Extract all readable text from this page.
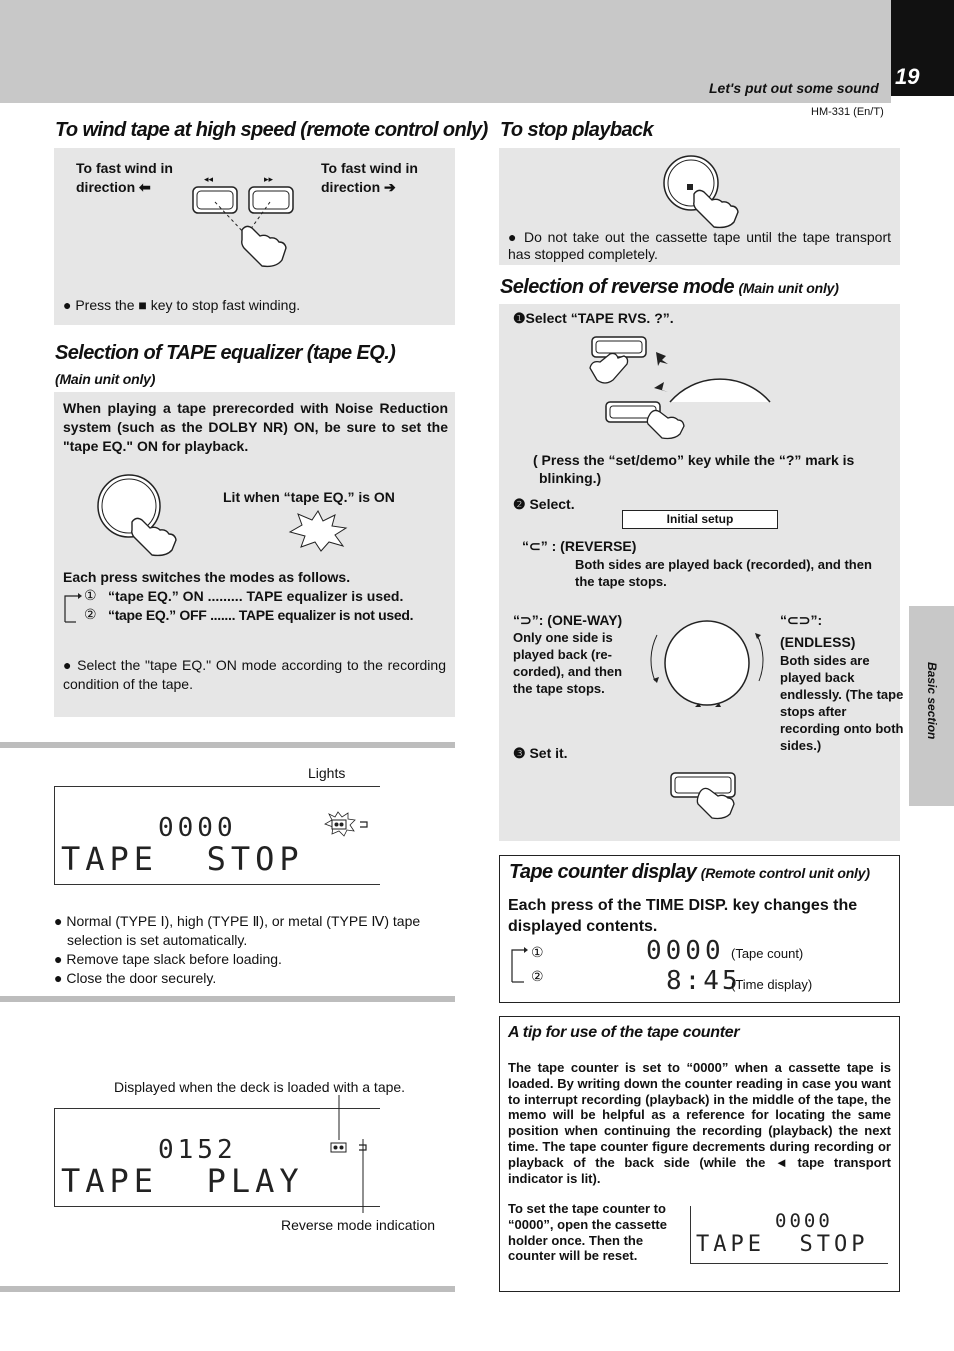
19
Let's put out some sound
HM-331 (En/T)
Basic section
To wind tape at high speed (remote control only)
To fast wind in direction ⬅
To fast wind in direction ➔
◂◂	▸▸
● Press the ■ key to stop fast winding.
Selection of TAPE equalizer (tape EQ.)
(Main unit only)
When playing a tape prerecorded with Noise Reduction system (such as the DOLBY NR) ON, be sure to set the "tape EQ." ON for playback.
Lit when “tape EQ.” is ON
Each press switches the modes as follows.
① “tape EQ.” ON ......... TAPE equalizer is used.
② “tape EQ.” OFF ....... TAPE equalizer is not used.
● Select the "tape EQ." ON mode according to the recording condition of the tape.
Lights
0000
TAPE  STOP
● Normal (TYPE Ⅰ), high (TYPE Ⅱ), or metal (TYPE Ⅳ) tape selection is set automatically.
● Remove tape slack before loading.
● Close the door securely.
Displayed when the deck is loaded with a tape.
0152
TAPE  PLAY
Reverse mode indication
To stop playback
● Do not take out the cassette tape until the tape transport has stopped completely.
Selection of reverse mode (Main unit only)
❶Select “TAPE RVS. ?”.
( Press the “set/demo” key while the “?” mark is blinking.)
❷ Select.
Initial setup
“⊂” : (REVERSE)
Both sides are played back (recorded), and then the tape stops.
“⊃”: (ONE-WAY)
Only one side is played back (re- corded), and then the tape stops.
“⊂⊃”:
(ENDLESS)
Both sides are played back endlessly. (The tape stops after recording onto both sides.)
❸ Set it.
Tape counter display (Remote control unit only)
Each press of the TIME DISP. key changes the displayed contents.
①	0000 (Tape count)
②	8:45
(Time display)
A tip for use of the tape counter
The tape counter is set to “0000” when a cassette tape is loaded. By writing down the counter reading in case you want to interrupt recording (playback) in the middle of the tape, the memo will be helpful as a reference for locating the same position when continuing the recording (playback) the next time. The tape counter figure decrements during recording or playback of the back side (while the ◄ tape transport indicator is lit).
To set the tape counter to “0000”, open the cassette holder once. Then the counter will be reset.
0000
TAPE  STOP
